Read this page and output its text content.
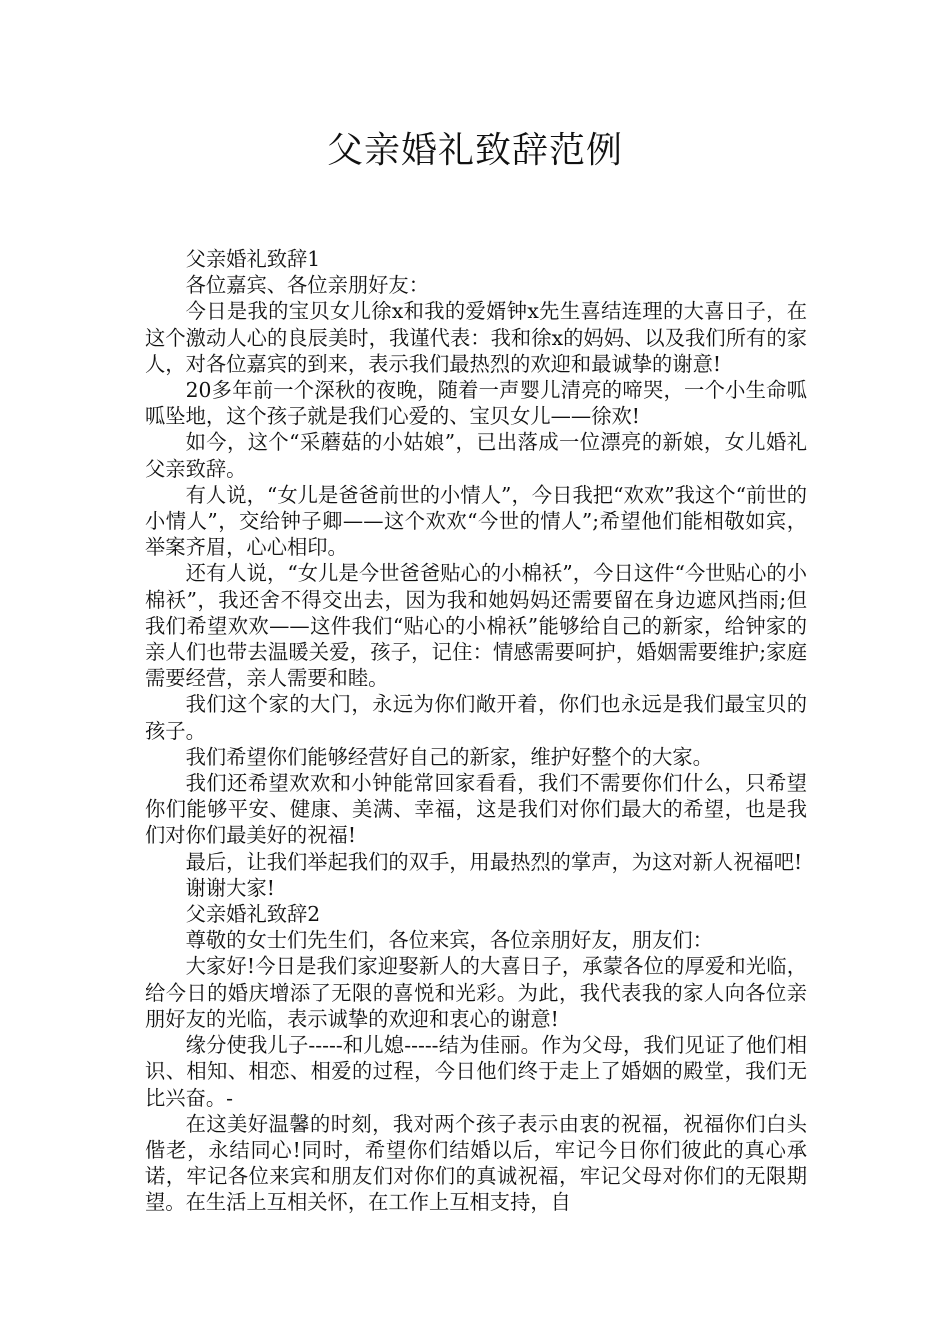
父亲婚礼致辞范例

父亲婚礼致辞1

各位嘉宾、各位亲朋好友：

今日是我的宝贝女儿徐x和我的爱婿钟x先生喜结连理的大喜日子，在这个激动人心的良辰美时，我谨代表：我和徐x的妈妈、以及我们所有的家人，对各位嘉宾的到来，表示我们最热烈的欢迎和最诚挚的谢意!

20多年前一个深秋的夜晚，随着一声婴儿清亮的啼哭，一个小生命呱呱坠地，这个孩子就是我们心爱的、宝贝女儿——徐欢!

如今，这个“采蘑菇的小姑娘”，已出落成一位漂亮的新娘，女儿婚礼父亲致辞。

有人说，“女儿是爸爸前世的小情人”，今日我把“欢欢”我这个“前世的小情人”，交给钟子卿——这个欢欢“今世的情人”;希望他们能相敬如宾，举案齐眉，心心相印。

还有人说，“女儿是今世爸爸贴心的小棉袄”，今日这件“今世贴心的小棉袄”，我还舍不得交出去，因为我和她妈妈还需要留在身边遮风挡雨;但我们希望欢欢——这件我们“贴心的小棉袄”能够给自己的新家，给钟家的亲人们也带去温暖关爱，孩子，记住：情感需要呵护，婚姻需要维护;家庭需要经营，亲人需要和睦。

我们这个家的大门，永远为你们敞开着，你们也永远是我们最宝贝的孩子。

我们希望你们能够经营好自己的新家，维护好整个的大家。

我们还希望欢欢和小钟能常回家看看，我们不需要你们什么，只希望你们能够平安、健康、美满、幸福，这是我们对你们最大的希望，也是我们对你们最美好的祝福!

最后，让我们举起我们的双手，用最热烈的掌声，为这对新人祝福吧!

谢谢大家!

父亲婚礼致辞2

尊敬的女士们先生们，各位来宾，各位亲朋好友，朋友们：

大家好!今日是我们家迎娶新人的大喜日子，承蒙各位的厚爱和光临，给今日的婚庆增添了无限的喜悦和光彩。为此，我代表我的家人向各位亲朋好友的光临，表示诚挚的欢迎和衷心的谢意!

缘分使我儿子-----和儿媳-----结为佳丽。作为父母，我们见证了他们相识、相知、相恋、相爱的过程，今日他们终于走上了婚姻的殿堂，我们无比兴奋。-

在这美好温馨的时刻，我对两个孩子表示由衷的祝福，祝福你们白头偕老，永结同心!同时，希望你们结婚以后，牢记今日你们彼此的真心承诺，牢记各位来宾和朋友们对你们的真诚祝福，牢记父母对你们的无限期望。在生活上互相关怀，在工作上互相支持，自
